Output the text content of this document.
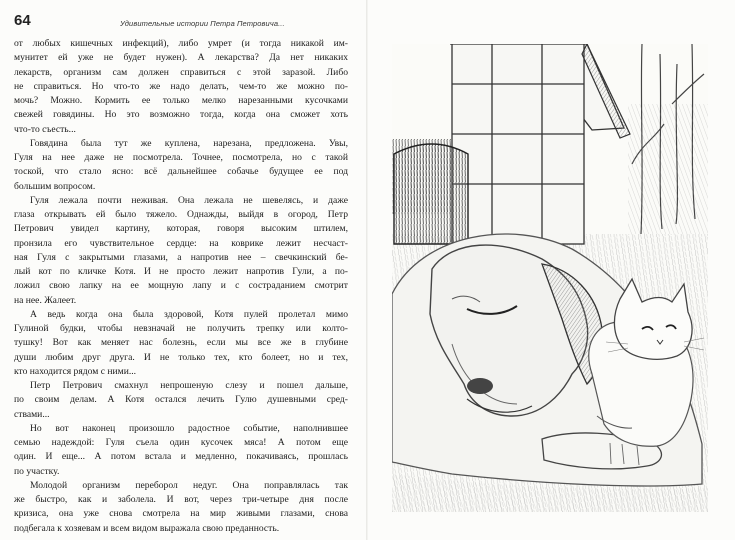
64	Удивительные истории Петра Петровича...
от любых кишечных инфекций), либо умрет (и тогда никакой им-
мунитет ей уже не будет нужен). А лекарства? Да нет никаких
лекарств, организм сам должен справиться с этой заразой. Либо
не справиться. Но что-то же надо делать, чем-то же можно по-
мочь? Можно. Кормить ее только мелко нарезанными кусочками
свежей говядины. Но это возможно тогда, когда она сможет хоть
что-то съесть...
Говядина была тут же куплена, нарезана, предложена. Увы,
Гуля на нее даже не посмотрела. Точнее, посмотрела, но с такой
тоской, что стало ясно: всё дальнейшее собачье будущее ее под
большим вопросом.
Гуля лежала почти неживая. Она лежала не шевелясь, и даже
глаза открывать ей было тяжело. Однажды, выйдя в огород, Петр
Петрович увидел картину, которая, говоря высоким штилем,
пронзила его чувствительное сердце: на коврике лежит несчаст-
ная Гуля с закрытыми глазами, а напротив нее – свечкинский бе-
лый кот по кличке Котя. И не просто лежит напротив Гули, а по-
ложил свою лапку на ее мощную лапу и с состраданием смотрит
на нее. Жалеет.
А ведь когда она была здоровой, Котя пулей пролетал мимо
Гулиной будки, чтобы невзначай не получить трепку или колто-
тушку! Вот как меняет нас болезнь, если мы все же в глубине
души любим друг друга. И не только тех, кто болеет, но и тех,
кто находится рядом с ними...
Петр Петрович смахнул непрошеную слезу и пошел дальше,
по своим делам. А Котя остался лечить Гулю душевными сред-
ствами...
Но вот наконец произошло радостное событие, наполнившее
семью надеждой: Гуля съела один кусочек мяса! А потом еще
один. И еще... А потом встала и медленно, покачиваясь, прошлась
по участку.
Молодой организм переборол недуг. Она поправлялась так
же быстро, как и заболела. И вот, через три-четыре дня после
кризиса, она уже снова смотрела на мир живыми глазами, снова
подбегала к хозяевам и всем видом выражала свою преданность.
